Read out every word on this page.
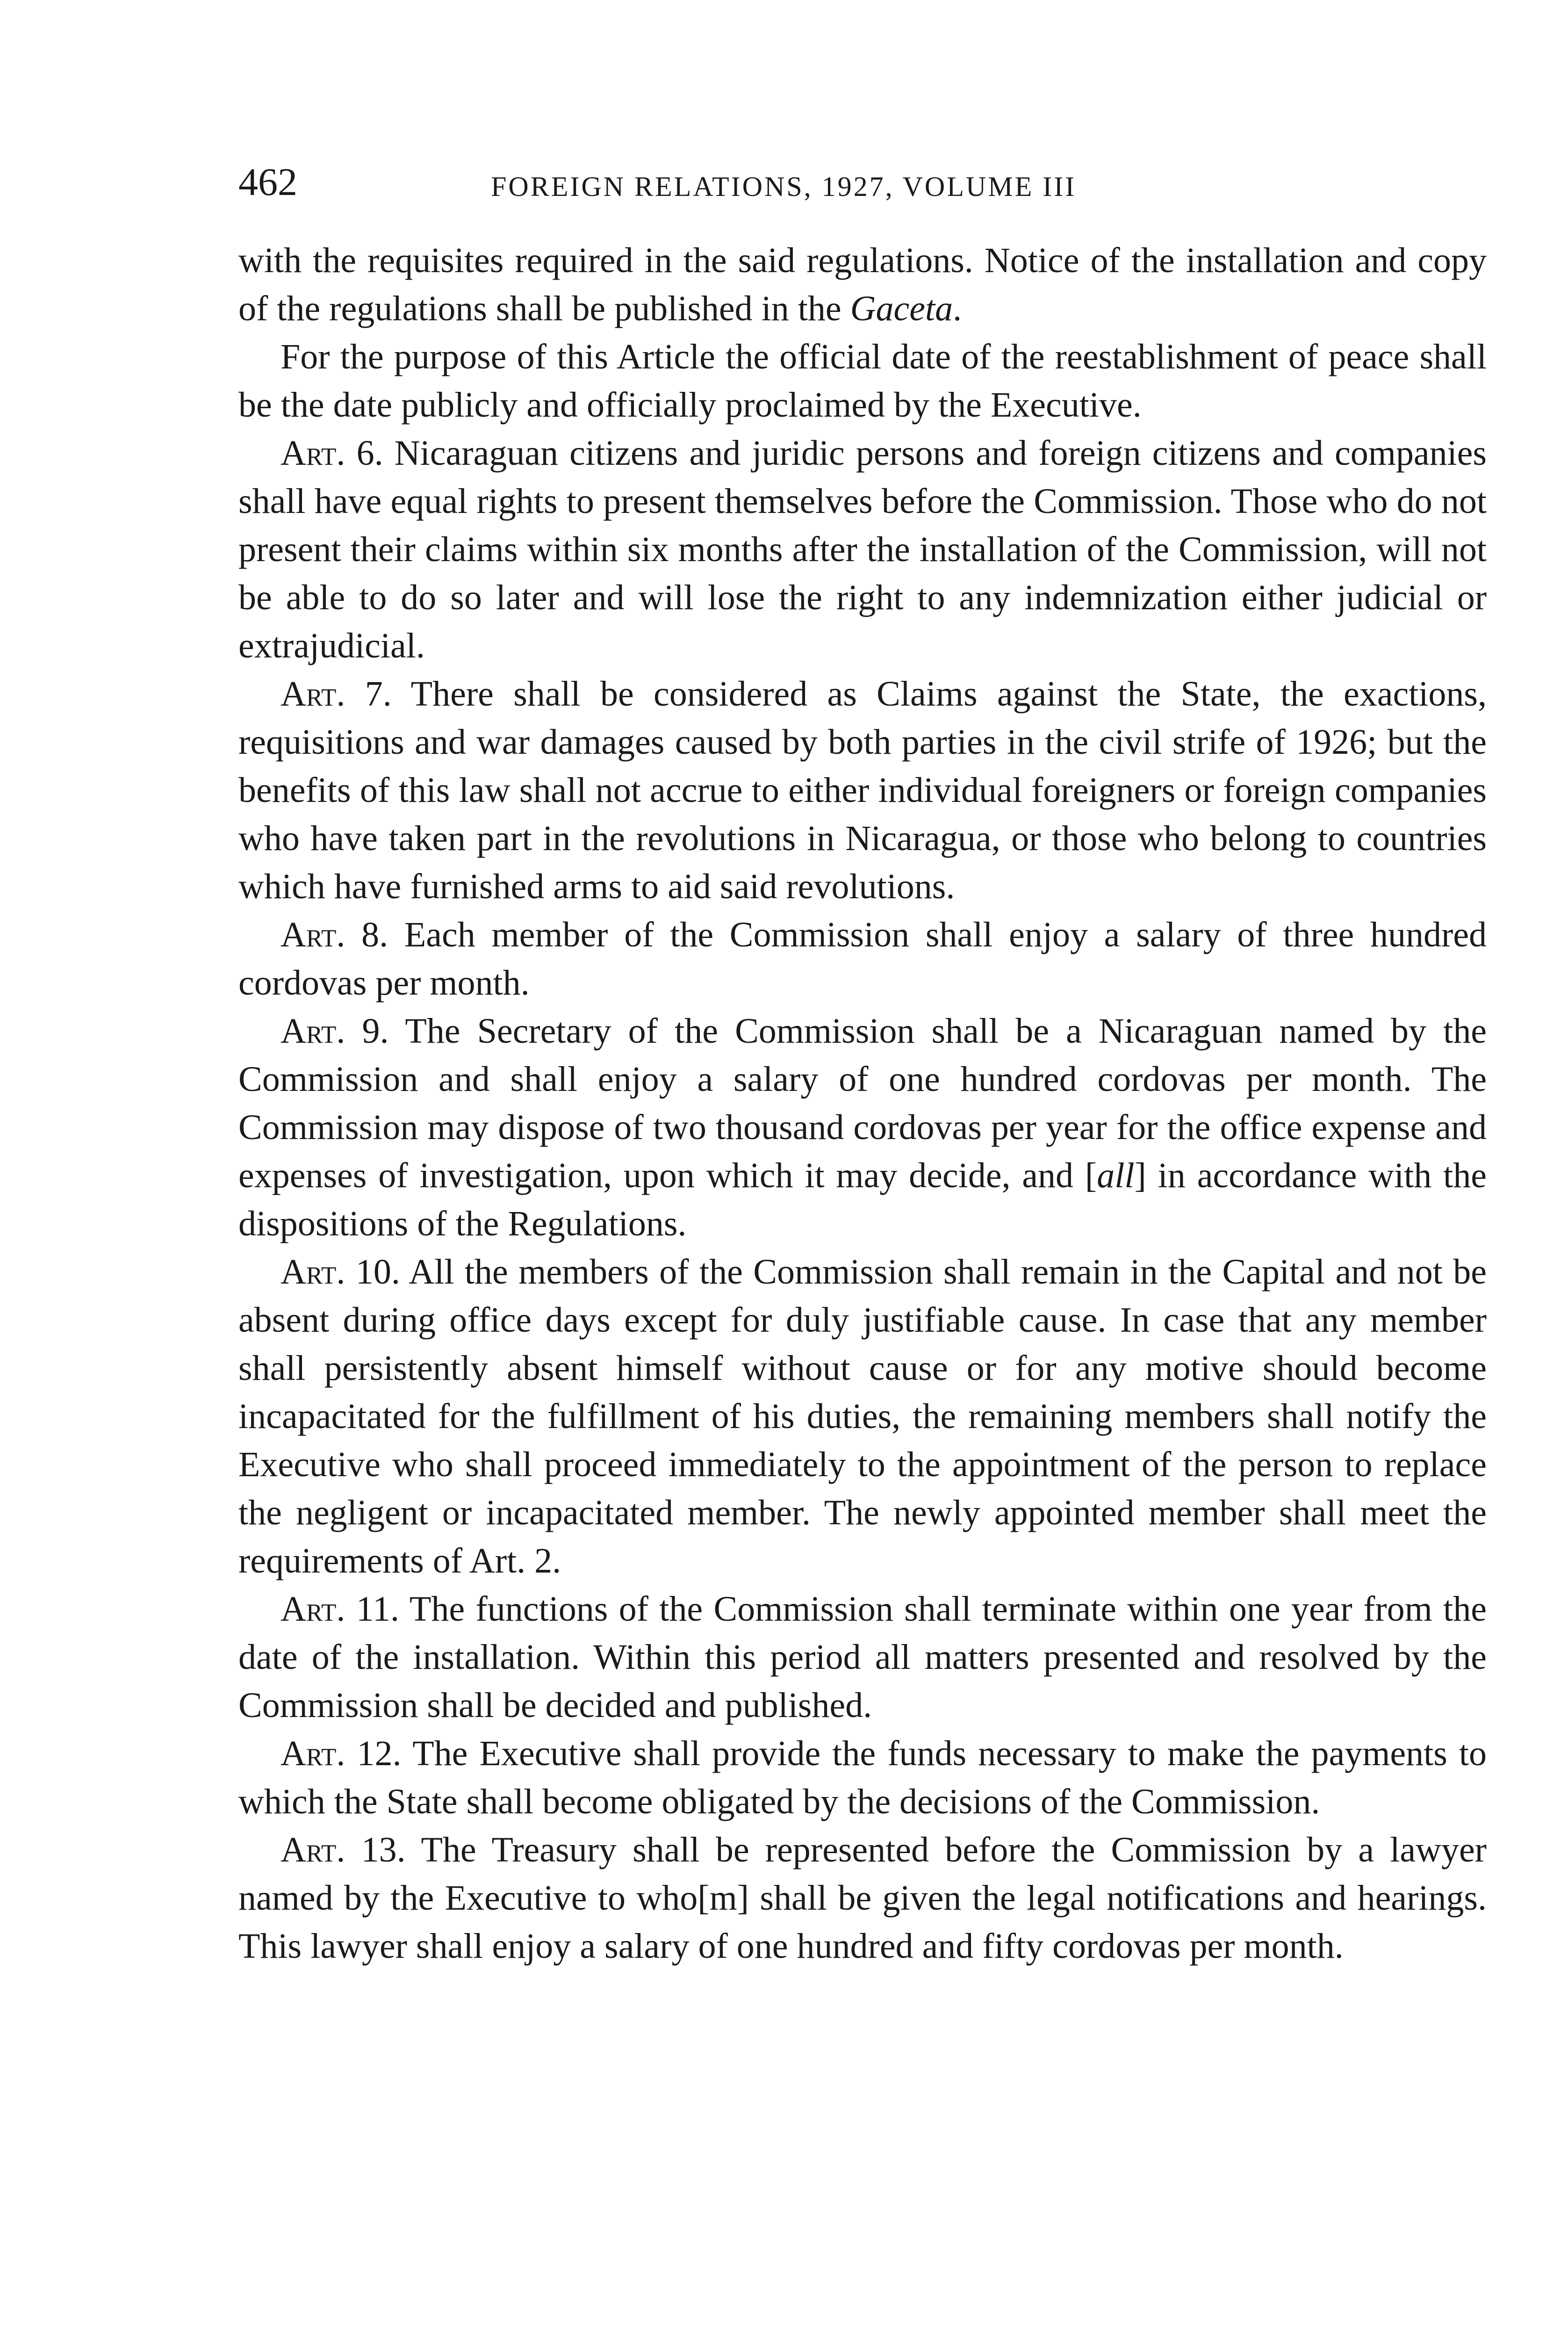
462	FOREIGN RELATIONS, 1927, VOLUME III

with the requisites required in the said regulations. Notice of the installation and copy of the regulations shall be published in the Gaceta.

For the purpose of this Article the official date of the reestablishment of peace shall be the date publicly and officially proclaimed by the Executive.

Art. 6. Nicaraguan citizens and juridic persons and foreign citizens and companies shall have equal rights to present themselves before the Commission. Those who do not present their claims within six months after the installation of the Commission, will not be able to do so later and will lose the right to any indemnization either judicial or extrajudicial.

Art. 7. There shall be considered as Claims against the State, the exactions, requisitions and war damages caused by both parties in the civil strife of 1926; but the benefits of this law shall not accrue to either individual foreigners or foreign companies who have taken part in the revolutions in Nicaragua, or those who belong to countries which have furnished arms to aid said revolutions.

Art. 8. Each member of the Commission shall enjoy a salary of three hundred cordovas per month.

Art. 9. The Secretary of the Commission shall be a Nicaraguan named by the Commission and shall enjoy a salary of one hundred cordovas per month. The Commission may dispose of two thousand cordovas per year for the office expense and expenses of investigation, upon which it may decide, and [all] in accordance with the dispositions of the Regulations.

Art. 10. All the members of the Commission shall remain in the Capital and not be absent during office days except for duly justifiable cause. In case that any member shall persistently absent himself without cause or for any motive should become incapacitated for the fulfillment of his duties, the remaining members shall notify the Executive who shall proceed immediately to the appointment of the person to replace the negligent or incapacitated member. The newly appointed member shall meet the requirements of Art. 2.

Art. 11. The functions of the Commission shall terminate within one year from the date of the installation. Within this period all matters presented and resolved by the Commission shall be decided and published.

Art. 12. The Executive shall provide the funds necessary to make the payments to which the State shall become obligated by the decisions of the Commission.

Art. 13. The Treasury shall be represented before the Commission by a lawyer named by the Executive to who[m] shall be given the legal notifications and hearings. This lawyer shall enjoy a salary of one hundred and fifty cordovas per month.
